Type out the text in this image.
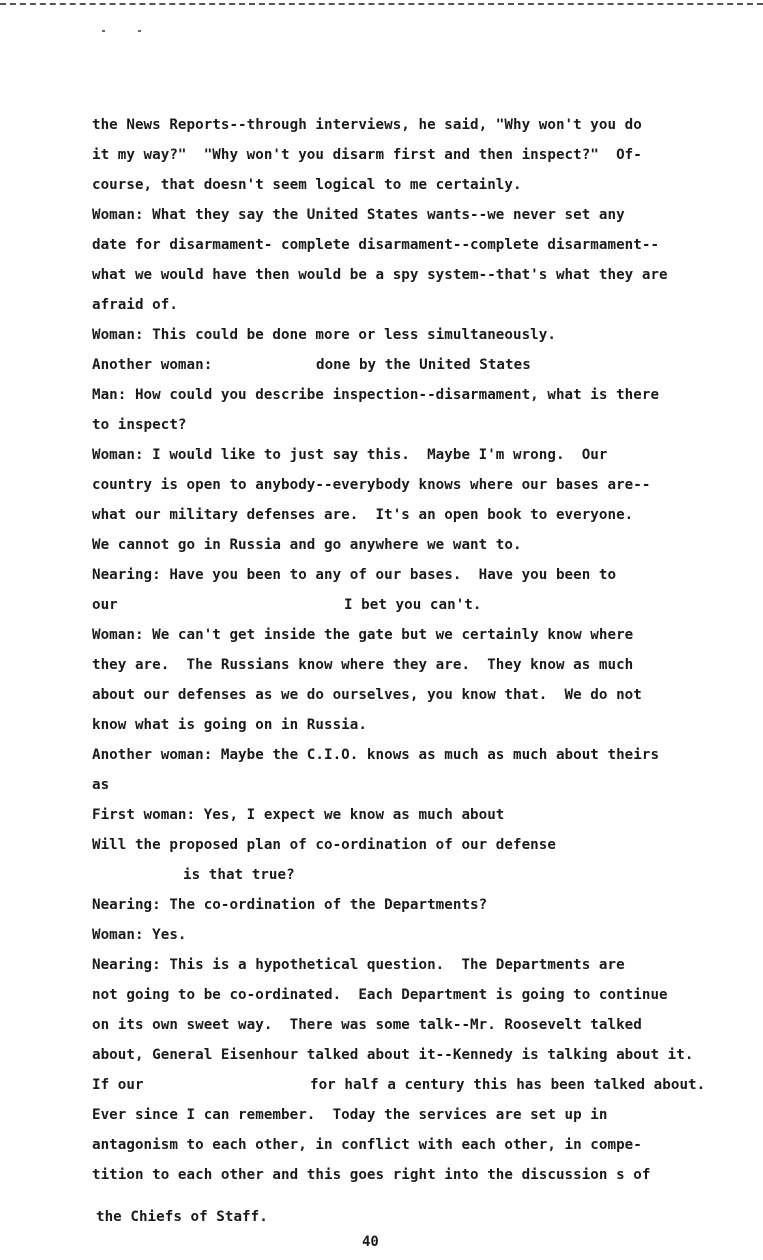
the News Reports--through interviews, he said, "Why won't you do
it my way?"  "Why won't you disarm first and then inspect?"  Of-
course, that doesn't seem logical to me certainly.
Woman: What they say the United States wants--we never set any
date for disarmament- complete disarmament--complete disarmament--
what we would have then would be a spy system--that's what they are
afraid of.
Woman: This could be done more or less simultaneously.
Another woman:	done by the United States
Man: How could you describe inspection--disarmament, what is there
to inspect?
Woman: I would like to just say this.  Maybe I'm wrong.  Our
country is open to anybody--everybody knows where our bases are--
what our military defenses are.  It's an open book to everyone.
We cannot go in Russia and go anywhere we want to.
Nearing: Have you been to any of our bases.  Have you been to
our	I bet you can't.
Woman: We can't get inside the gate but we certainly know where
they are.  The Russians know where they are.  They know as much
about our defenses as we do ourselves, you know that.  We do not
know what is going on in Russia.
Another woman: Maybe the C.I.O. knows as much as much about theirs
as
First woman: Yes, I expect we know as much about
Will the proposed plan of co-ordination of our defense
is that true?
Nearing: The co-ordination of the Departments?
Woman: Yes.
Nearing: This is a hypothetical question.  The Departments are
not going to be co-ordinated.  Each Department is going to continue
on its own sweet way.  There was some talk--Mr. Roosevelt talked
about, General Eisenhour talked about it--Kennedy is talking about it.
If our	for half a century this has been talked about.
Ever since I can remember.  Today the services are set up in
antagonism to each other, in conflict with each other, in compe-
tition to each other and this goes right into the discussion s of
the Chiefs of Staff.
40
